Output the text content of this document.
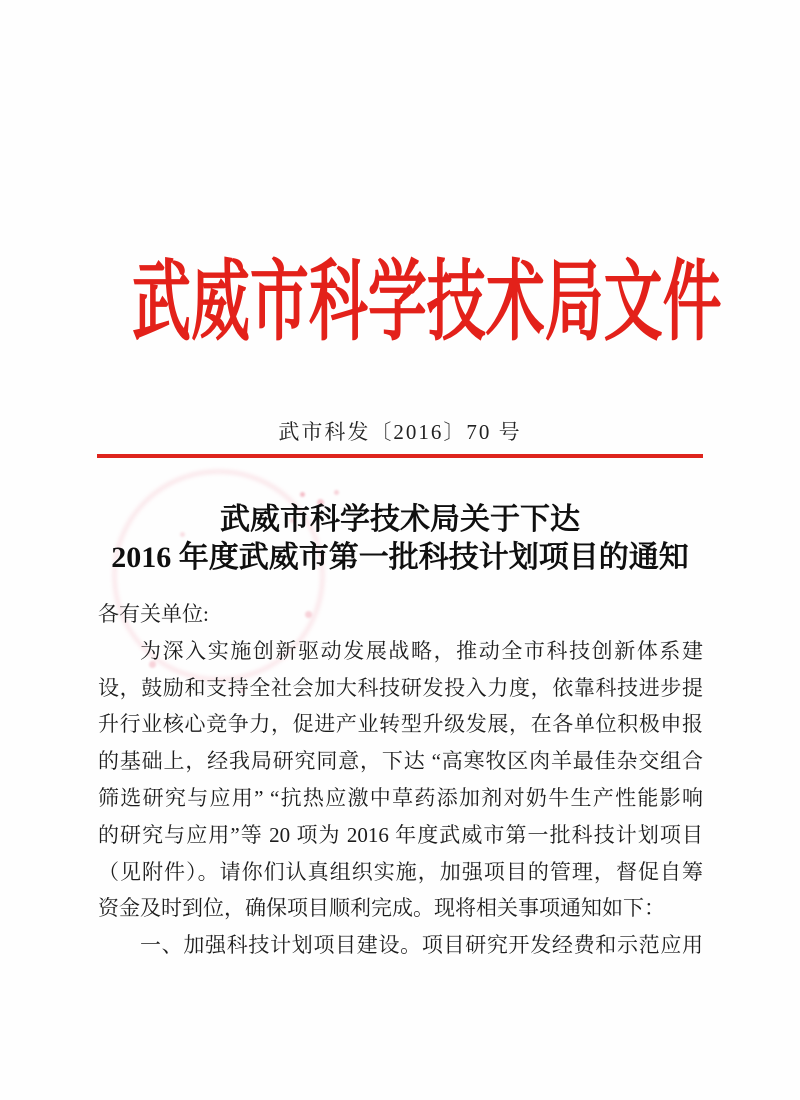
武威市科学技术局文件
武市科发〔2016〕70 号
武威市科学技术局关于下达
2016 年度武威市第一批科技计划项目的通知
各有关单位:
为深入实施创新驱动发展战略，推动全市科技创新体系建
设，鼓励和支持全社会加大科技研发投入力度，依靠科技进步提
升行业核心竞争力，促进产业转型升级发展，在各单位积极申报
的基础上，经我局研究同意，下达 “高寒牧区肉羊最佳杂交组合
筛选研究与应用” “抗热应激中草药添加剂对奶牛生产性能影响
的研究与应用”等 20 项为 2016 年度武威市第一批科技计划项目
（见附件）。请你们认真组织实施，加强项目的管理，督促自筹
资金及时到位，确保项目顺利完成。现将相关事项通知如下：
一、加强科技计划项目建设。项目研究开发经费和示范应用
